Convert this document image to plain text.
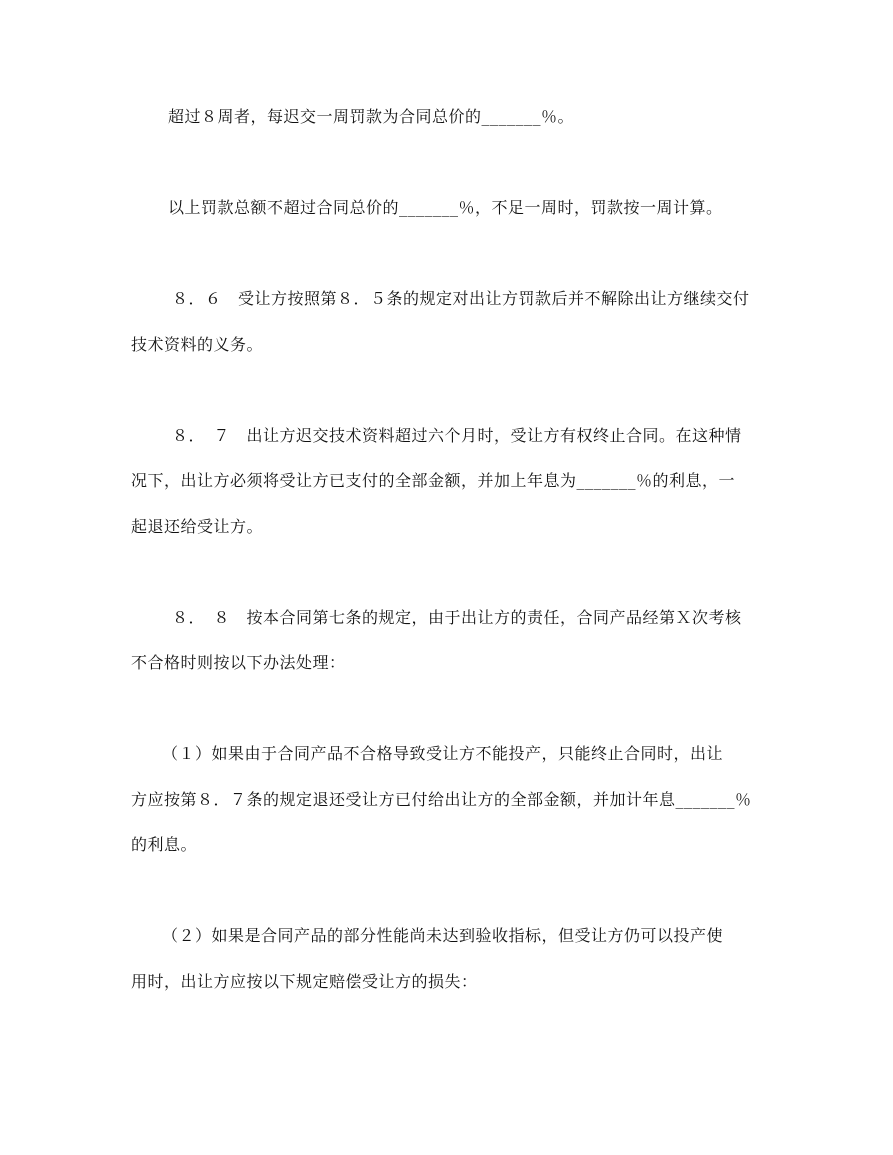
超过８周者，每迟交一周罚款为合同总价的_______％。
以上罚款总额不超过合同总价的_______％，不足一周时，罚款按一周计算。
８．６　受让方按照第８．５条的规定对出让方罚款后并不解除出让方继续交付
技术资料的义务。
８．　７　出让方迟交技术资料超过六个月时，受让方有权终止合同。在这种情
况下，出让方必须将受让方已支付的全部金额，并加上年息为_______％的利息，一
起退还给受让方。
８．　８　按本合同第七条的规定，由于出让方的责任，合同产品经第Ｘ次考核
不合格时则按以下办法处理：
（１）如果由于合同产品不合格导致受让方不能投产，只能终止合同时，出让
方应按第８．７条的规定退还受让方已付给出让方的全部金额，并加计年息_______％
的利息。
（２）如果是合同产品的部分性能尚未达到验收指标，但受让方仍可以投产使
用时，出让方应按以下规定赔偿受让方的损失：
